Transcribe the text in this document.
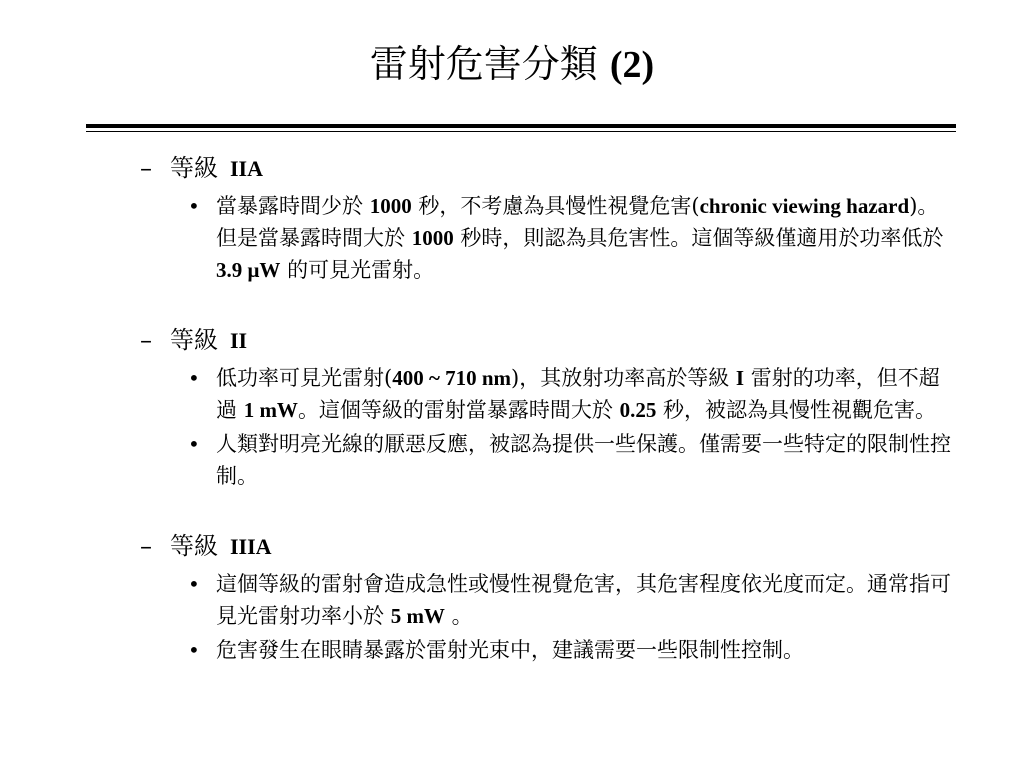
雷射危害分類 (2)
– 等級 IIA
• 當暴露時間少於 1000 秒，不考慮為具慢性視覺危害(chronic viewing hazard)。但是當暴露時間大於 1000 秒時，則認為具危害性。這個等級僅適用於功率低於 3.9 μW 的可見光雷射。
– 等級 II
• 低功率可見光雷射(400 ~ 710 nm)，其放射功率高於等級 I 雷射的功率，但不超過 1 mW。這個等級的雷射當暴露時間大於 0.25 秒，被認為具慢性視觀危害。
• 人類對明亮光線的厭惡反應，被認為提供一些保護。僅需要一些特定的限制性控制。
– 等級 IIIA
• 這個等級的雷射會造成急性或慢性視覺危害，其危害程度依光度而定。通常指可見光雷射功率小於 5 mW 。
• 危害發生在眼睛暴露於雷射光束中，建議需要一些限制性控制。
